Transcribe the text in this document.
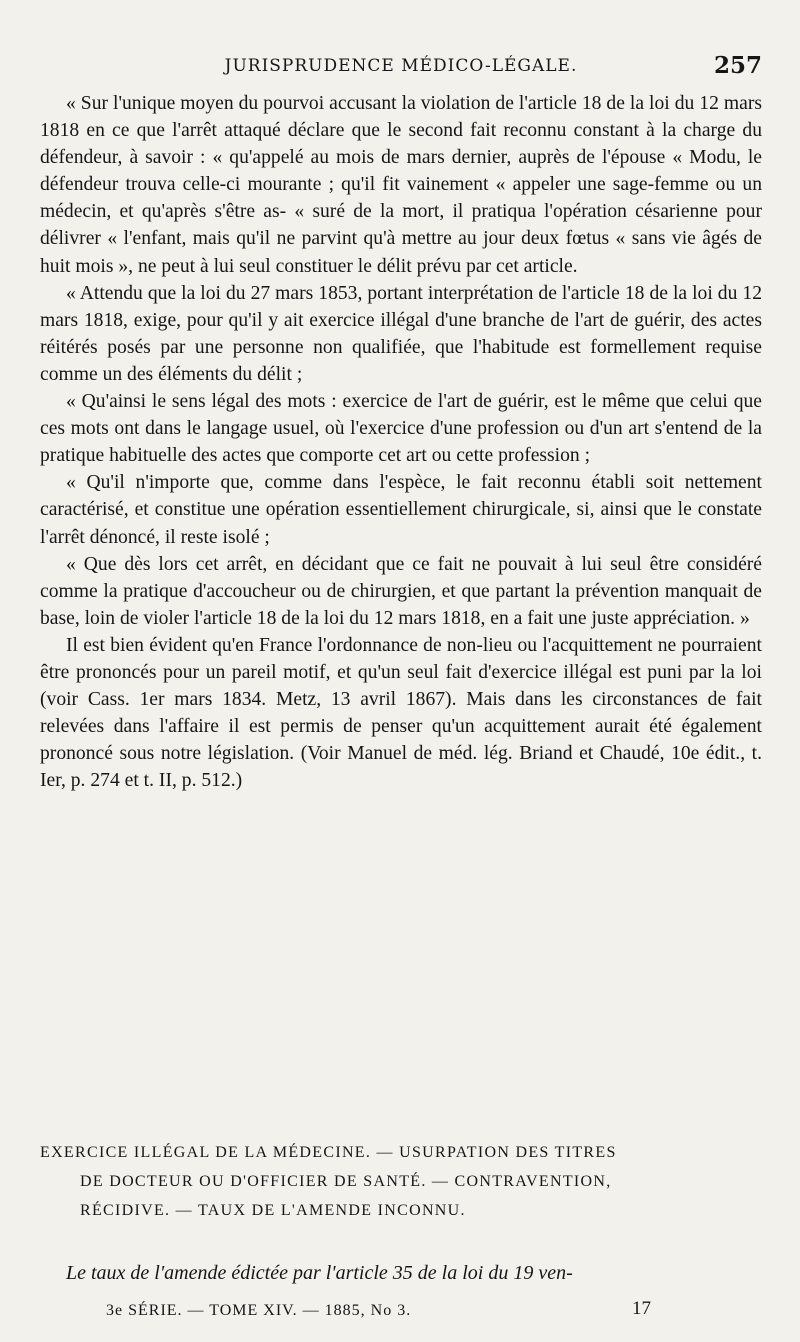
JURISPRUDENCE MÉDICO-LÉGALE.	257

« Sur l'unique moyen du pourvoi accusant la violation de l'article 18 de la loi du 12 mars 1818 en ce que l'arrêt attaqué déclare que le second fait reconnu constant à la charge du défendeur, à savoir : « qu'appelé au mois de mars dernier, auprès de l'épouse « Modu, le défendeur trouva celle-ci mourante ; qu'il fit vainement « appeler une sage-femme ou un médecin, et qu'après s'être as- « suré de la mort, il pratiqua l'opération césarienne pour délivrer « l'enfant, mais qu'il ne parvint qu'à mettre au jour deux fœtus « sans vie âgés de huit mois », ne peut à lui seul constituer le délit prévu par cet article.

« Attendu que la loi du 27 mars 1853, portant interprétation de l'article 18 de la loi du 12 mars 1818, exige, pour qu'il y ait exercice illégal d'une branche de l'art de guérir, des actes réitérés posés par une personne non qualifiée, que l'habitude est formellement requise comme un des éléments du délit ;

« Qu'ainsi le sens légal des mots : exercice de l'art de guérir, est le même que celui que ces mots ont dans le langage usuel, où l'exercice d'une profession ou d'un art s'entend de la pratique habituelle des actes que comporte cet art ou cette profession ;

« Qu'il n'importe que, comme dans l'espèce, le fait reconnu établi soit nettement caractérisé, et constitue une opération essentiellement chirurgicale, si, ainsi que le constate l'arrêt dénoncé, il reste isolé ;

« Que dès lors cet arrêt, en décidant que ce fait ne pouvait à lui seul être considéré comme la pratique d'accoucheur ou de chirurgien, et que partant la prévention manquait de base, loin de violer l'article 18 de la loi du 12 mars 1818, en a fait une juste appréciation. »

Il est bien évident qu'en France l'ordonnance de non-lieu ou l'acquittement ne pourraient être prononcés pour un pareil motif, et qu'un seul fait d'exercice illégal est puni par la loi (voir Cass. 1er mars 1834. Metz, 13 avril 1867). Mais dans les circonstances de fait relevées dans l'affaire il est permis de penser qu'un acquittement aurait été également prononcé sous notre législation. (Voir Manuel de méd. lég. Briand et Chaudé, 10e édit., t. Ier, p. 274 et t. II, p. 512.)

EXERCICE ILLÉGAL DE LA MÉDECINE. — USURPATION DES TITRES
DE DOCTEUR OU D'OFFICIER DE SANTÉ. — CONTRAVENTION,
RÉCIDIVE. — TAUX DE L'AMENDE INCONNU.
Le taux de l'amende édictée par l'article 35 de la loi du 19 ven-
3e SÉRIE. — TOME XIV. — 1885, No 3.	17
